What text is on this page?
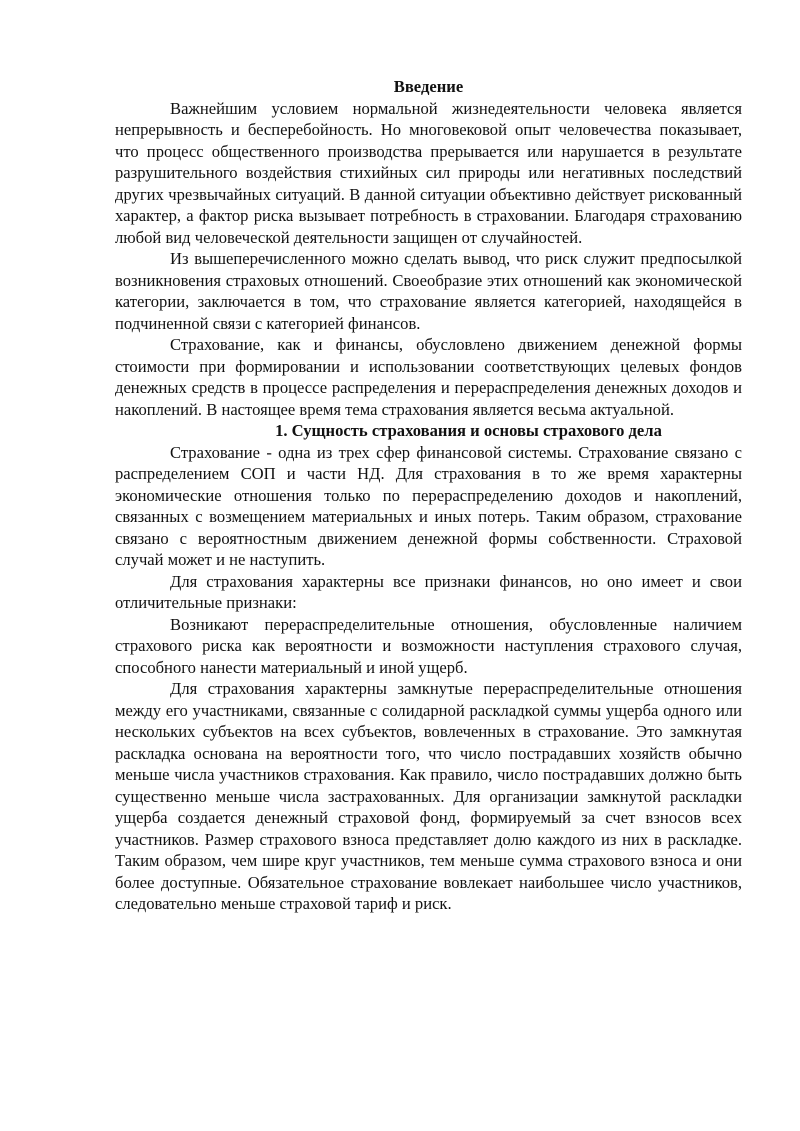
Введение

Важнейшим условием нормальной жизнедеятельности человека является непрерывность и бесперебойность. Но многовековой опыт человечества показывает, что процесс общественного производства прерывается или нарушается в результате разрушительного воздействия стихийных сил природы или негативных последствий других чрезвычайных ситуаций. В данной ситуации объективно действует рискованный характер, а фактор риска вызывает потребность в страховании. Благодаря страхованию любой вид человеческой деятельности защищен от случайностей.

Из вышеперечисленного можно сделать вывод, что риск служит предпосылкой возникновения страховых отношений. Своеобразие этих отношений как экономической категории, заключается в том, что страхование является категорией, находящейся в подчиненной связи с категорией финансов.

Страхование, как и финансы, обусловлено движением денежной формы стоимости при формировании и использовании соответствующих целевых фондов денежных средств в процессе распределения и перераспределения денежных доходов и накоплений. В настоящее время тема страхования является весьма актуальной.

1. Сущность страхования и основы страхового дела

Страхование - одна из трех сфер финансовой системы. Страхование связано с распределением СОП и части НД. Для страхования в то же время характерны экономические отношения только по перераспределению доходов и накоплений, связанных с возмещением материальных и иных потерь. Таким образом, страхование связано с вероятностным движением денежной формы собственности. Страховой случай может и не наступить.

Для страхования характерны все признаки финансов, но оно имеет и свои отличительные признаки:

Возникают перераспределительные отношения, обусловленные наличием страхового риска как вероятности и возможности наступления страхового случая, способного нанести материальный и иной ущерб.

Для страхования характерны замкнутые перераспределительные отношения между его участниками, связанные с солидарной раскладкой суммы ущерба одного или нескольких субъектов на всех субъектов, вовлеченных в страхование. Это замкнутая раскладка основана на вероятности того, что число пострадавших хозяйств обычно меньше числа участников страхования. Как правило, число пострадавших должно быть существенно меньше числа застрахованных. Для организации замкнутой раскладки ущерба создается денежный страховой фонд, формируемый за счет взносов всех участников. Размер страхового взноса представляет долю каждого из них в раскладке. Таким образом, чем шире круг участников, тем меньше сумма страхового взноса и они более доступные. Обязательное страхование вовлекает наибольшее число участников, следовательно меньше страховой тариф и риск.
